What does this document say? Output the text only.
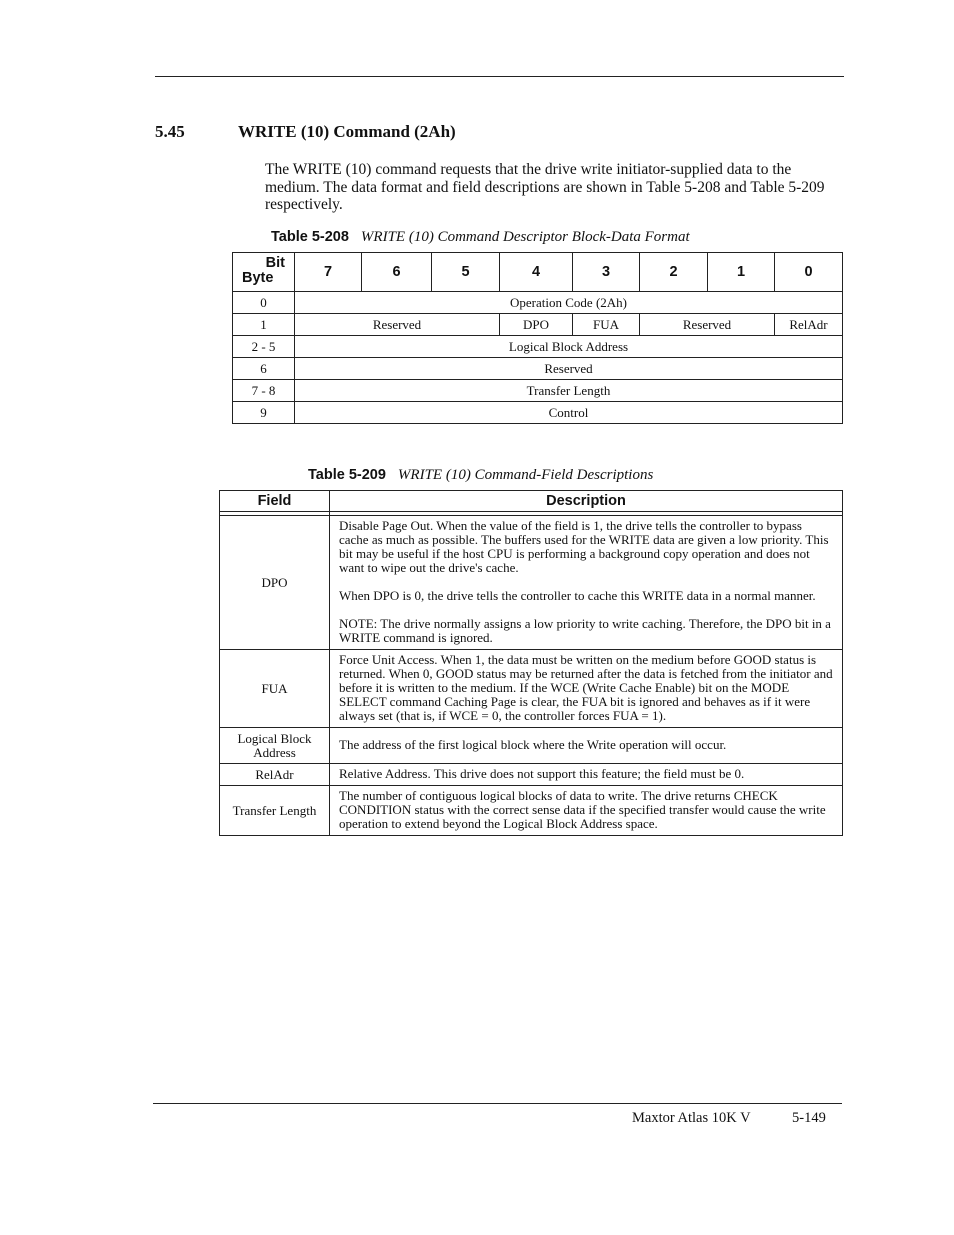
5.45	WRITE (10) Command (2Ah)
The WRITE (10) command requests that the drive write initiator-supplied data to the medium. The data format and field descriptions are shown in Table 5-208 and Table 5-209 respectively.
Table 5-208 WRITE (10) Command Descriptor Block-Data Format
Bit
Byte	7	6	5	4	3	2	1	0
0	Operation Code (2Ah)							
1	Reserved			DPO	FUA	Reserved		RelAdr
2 - 5	Logical Block Address							
6	Reserved							
7 - 8	Transfer Length							
9	Control							
Table 5-209 WRITE (10) Command-Field Descriptions
Field	Description

DPO	Disable Page Out. When the value of the field is 1, the drive tells the controller to bypass cache as much as possible. The buffers used for the WRITE data are given a low priority. This bit may be useful if the host CPU is performing a background copy operation and does not want to wipe out the drive's cache.

When DPO is 0, the drive tells the controller to cache this WRITE data in a normal manner.

NOTE: The drive normally assigns a low priority to write caching. Therefore, the DPO bit in a WRITE command is ignored.

FUA	Force Unit Access. When 1, the data must be written on the medium before GOOD status is returned. When 0, GOOD status may be returned after the data is fetched from the initiator and before it is written to the medium. If the WCE (Write Cache Enable) bit on the MODE SELECT command Caching Page is clear, the FUA bit is ignored and behaves as if it were always set (that is, if WCE = 0, the controller forces FUA = 1).

Logical Block Address	The address of the first logical block where the Write operation will occur.

RelAdr	Relative Address. This drive does not support this feature; the field must be 0.

Transfer Length	The number of contiguous logical blocks of data to write. The drive returns CHECK CONDITION status with the correct sense data if the specified transfer would cause the write operation to extend beyond the Logical Block Address space.

Maxtor Atlas 10K V	5-149
